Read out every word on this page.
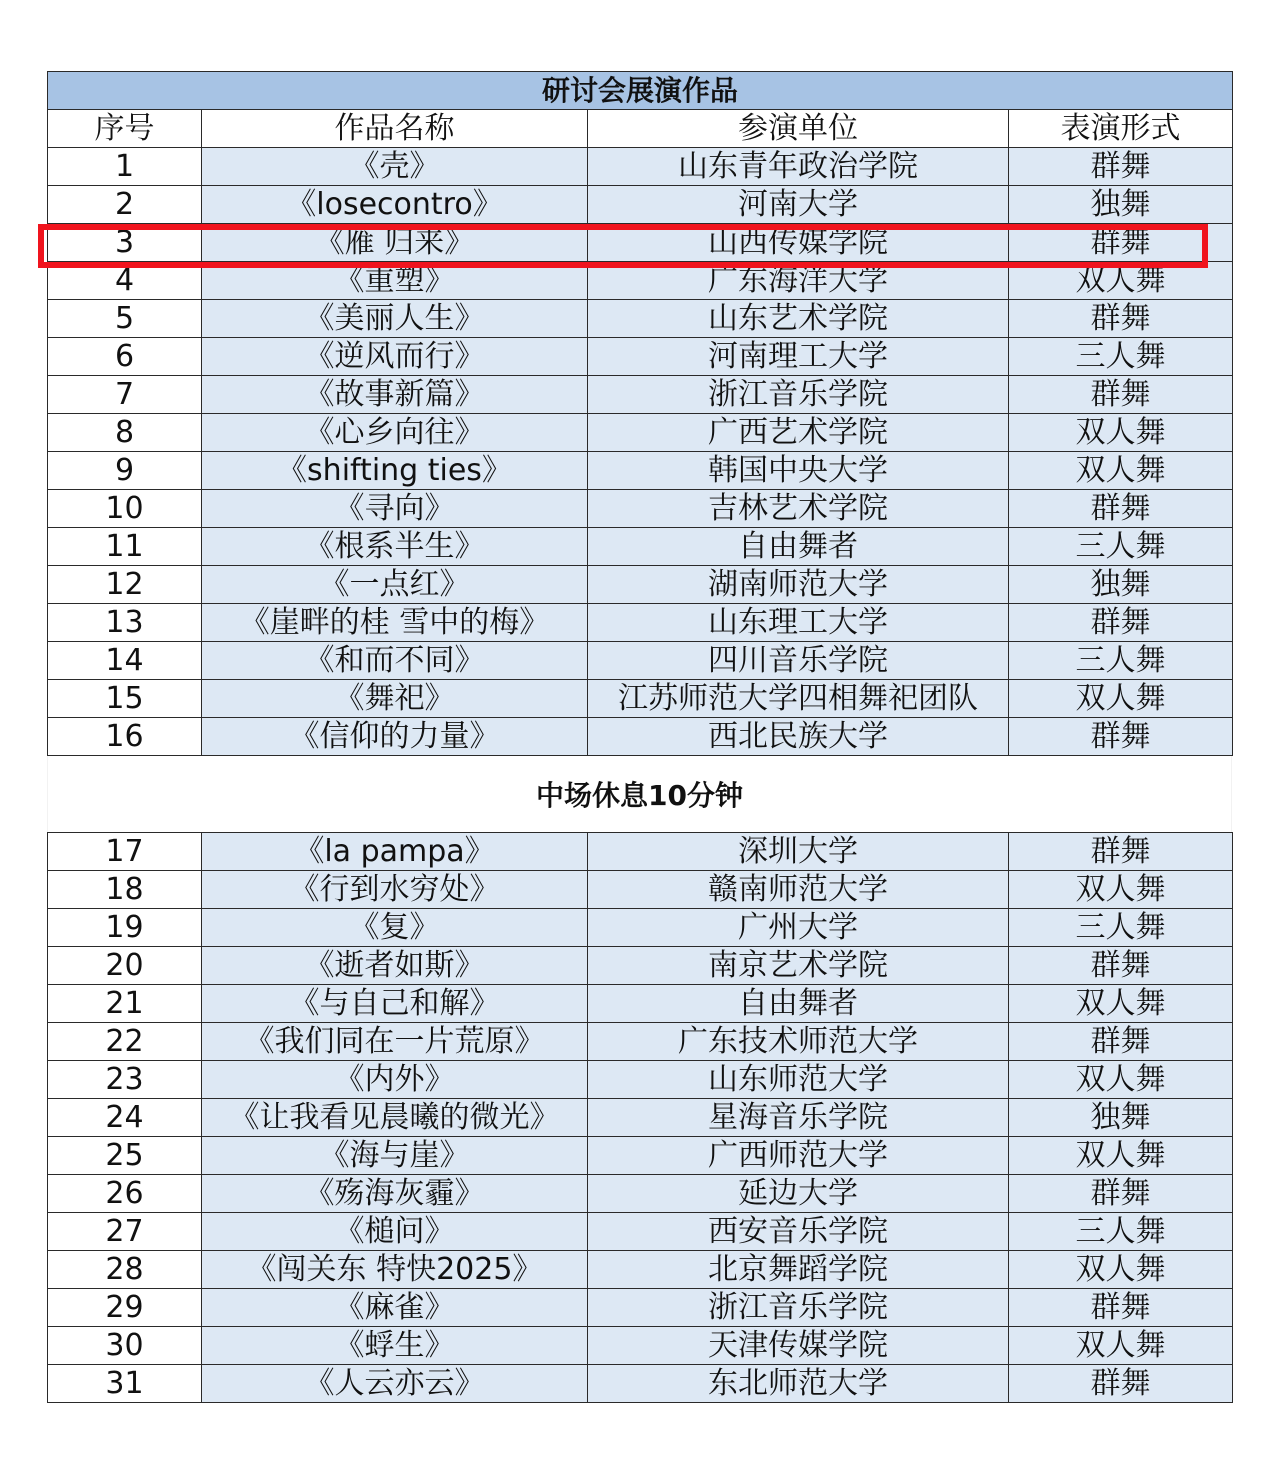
研讨会展演作品			
序号	作品名称	参演单位	表演形式
1	《壳》	山东青年政治学院	群舞
2	《losecontro》	河南大学	独舞
3	《雁 归来》	山西传媒学院	群舞
4	《重塑》	广东海洋大学	双人舞
5	《美丽人生》	山东艺术学院	群舞
6	《逆风而行》	河南理工大学	三人舞
7	《故事新篇》	浙江音乐学院	群舞
8	《心乡向往》	广西艺术学院	双人舞
9	《shifting ties》	韩国中央大学	双人舞
10	《寻向》	吉林艺术学院	群舞
11	《根系半生》	自由舞者	三人舞
12	《一点红》	湖南师范大学	独舞
13	《崖畔的桂 雪中的梅》	山东理工大学	群舞
14	《和而不同》	四川音乐学院	三人舞
15	《舞祀》	江苏师范大学四相舞祀团队	双人舞
16	《信仰的力量》	西北民族大学	群舞
中场休息10分钟
17	《la pampa》	深圳大学	群舞
18	《行到水穷处》	赣南师范大学	双人舞
19	《复》	广州大学	三人舞
20	《逝者如斯》	南京艺术学院	群舞
21	《与自己和解》	自由舞者	双人舞
22	《我们同在一片荒原》	广东技术师范大学	群舞
23	《内外》	山东师范大学	双人舞
24	《让我看见晨曦的微光》	星海音乐学院	独舞
25	《海与崖》	广西师范大学	双人舞
26	《殇海灰霾》	延边大学	群舞
27	《槌问》	西安音乐学院	三人舞
28	《闯关东 特快2025》	北京舞蹈学院	双人舞
29	《麻雀》	浙江音乐学院	群舞
30	《蜉生》	天津传媒学院	双人舞
31	《人云亦云》	东北师范大学	群舞
